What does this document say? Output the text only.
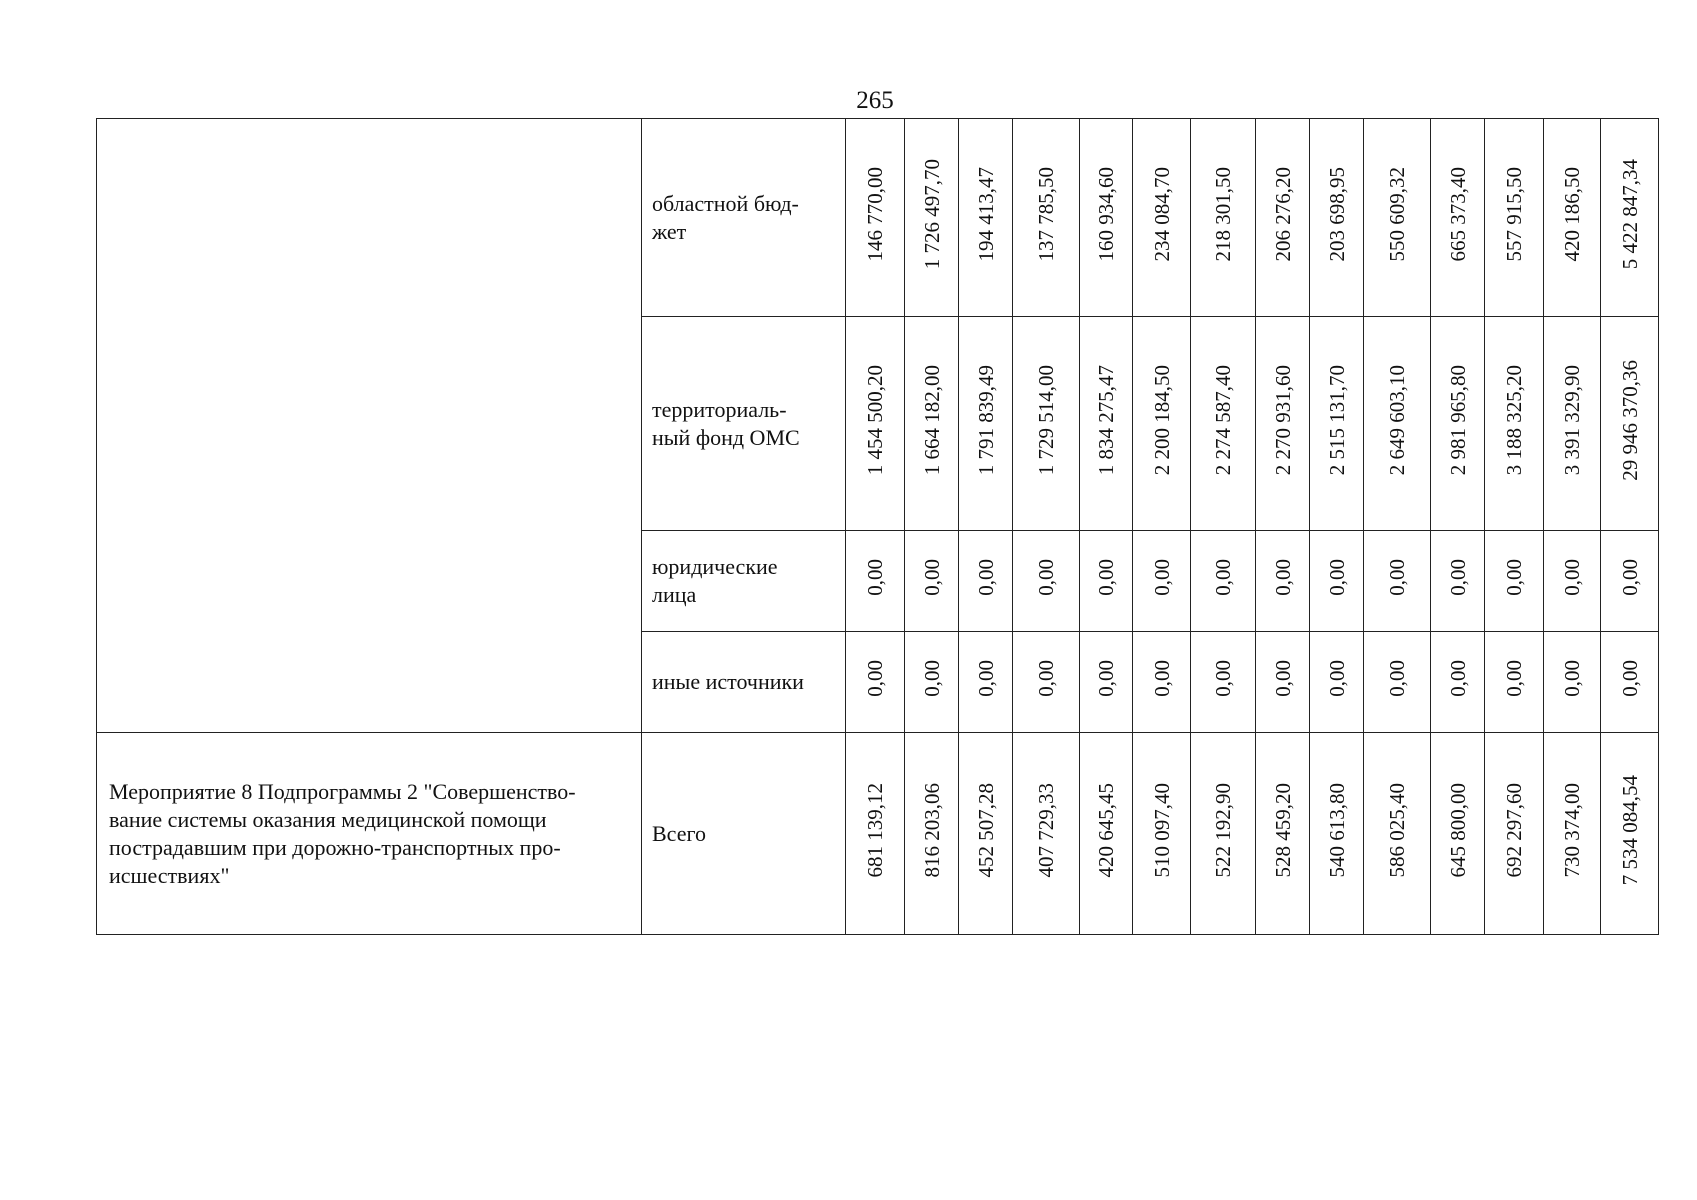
265
	областной бюд-
жет	146 770,00	1 726 497,70	194 413,47	137 785,50	160 934,60	234 084,70	218 301,50	206 276,20	203 698,95	550 609,32	665 373,40	557 915,50	420 186,50	5 422 847,34
	территориаль-
ный фонд ОМС	1 454 500,20	1 664 182,00	1 791 839,49	1 729 514,00	1 834 275,47	2 200 184,50	2 274 587,40	2 270 931,60	2 515 131,70	2 649 603,10	2 981 965,80	3 188 325,20	3 391 329,90	29 946 370,36
	юридические
лица	0,00	0,00	0,00	0,00	0,00	0,00	0,00	0,00	0,00	0,00	0,00	0,00	0,00	0,00
	иные источники	0,00	0,00	0,00	0,00	0,00	0,00	0,00	0,00	0,00	0,00	0,00	0,00	0,00	0,00
Мероприятие 8 Подпрограммы 2 "Совершенство-
вание системы оказания медицинской помощи
пострадавшим при дорожно-транспортных про-
исшествиях"	Всего	681 139,12	816 203,06	452 507,28	407 729,33	420 645,45	510 097,40	522 192,90	528 459,20	540 613,80	586 025,40	645 800,00	692 297,60	730 374,00	7 534 084,54
